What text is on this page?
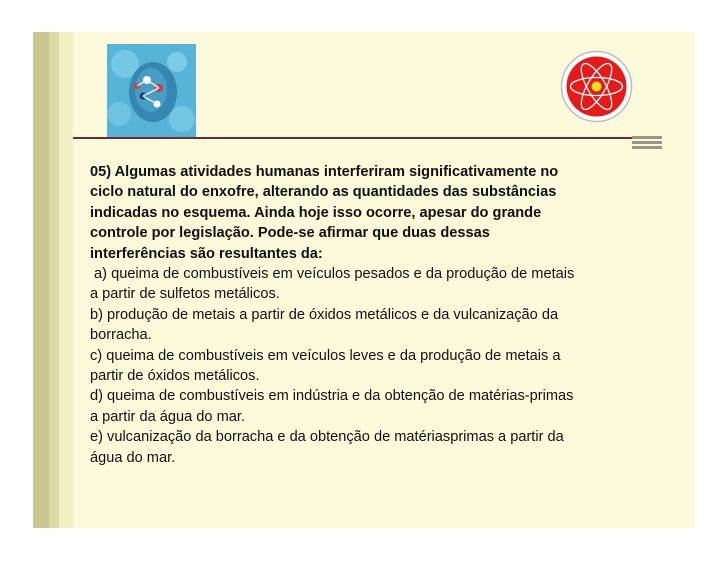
05) Algumas atividades humanas interferiram significativamente no

ciclo natural do enxofre, alterando as quantidades das substâncias

indicadas no esquema. Ainda hoje isso ocorre, apesar do grande

controle por legislação. Pode-se afirmar que duas dessas

interferências são resultantes da:

a) queima de combustíveis em veículos pesados e da produção de metais

a partir de sulfetos metálicos.

b) produção de metais a partir de óxidos metálicos e da vulcanização da

borracha.

c) queima de combustíveis em veículos leves e da produção de metais a

partir de óxidos metálicos.

d) queima de combustíveis em indústria e da obtenção de matérias-primas

a partir da água do mar.

e) vulcanização da borracha e da obtenção de matériasprimas a partir da

água do mar.
